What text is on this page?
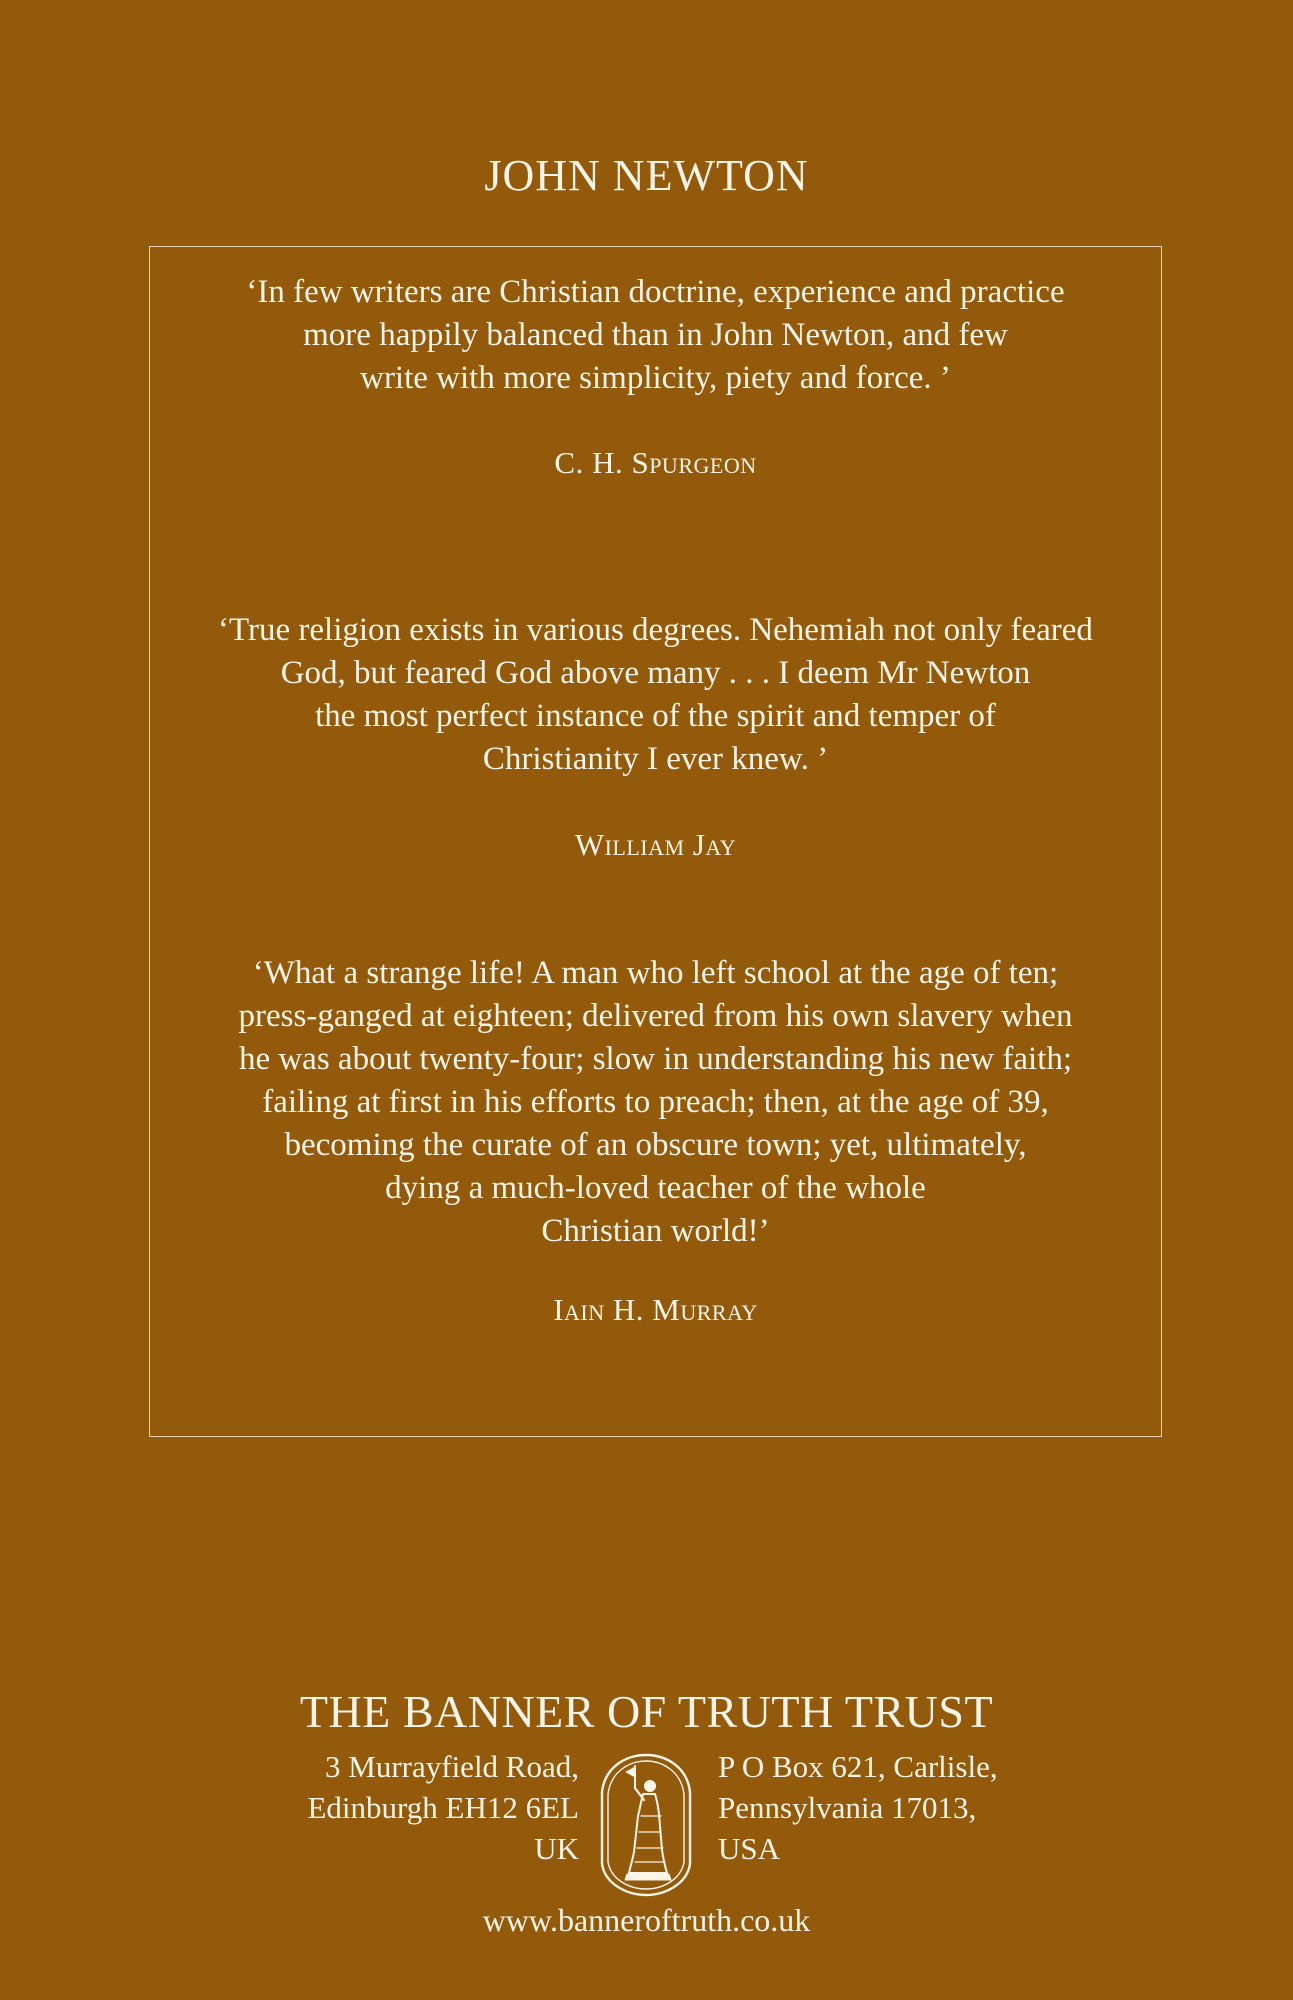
JOHN NEWTON
‘In few writers are Christian doctrine, experience and practice
more happily balanced than in John Newton, and few
write with more simplicity, piety and force. ’
C. H. Spurgeon
‘True religion exists in various degrees. Nehemiah not only feared
God, but feared God above many . . . I deem Mr Newton
the most perfect instance of the spirit and temper of
Christianity I ever knew. ’
William Jay
‘What a strange life! A man who left school at the age of ten;
press-ganged at eighteen; delivered from his own slavery when
he was about twenty-four; slow in understanding his new faith;
failing at first in his efforts to preach; then, at the age of 39,
becoming the curate of an obscure town; yet, ultimately,
dying a much-loved teacher of the whole
Christian world!’
Iain H. Murray
THE BANNER OF TRUTH TRUST
3 Murrayfield Road,
Edinburgh EH12 6EL
UK
P O Box 621, Carlisle,
Pennsylvania 17013,
USA
www.banneroftruth.co.uk
